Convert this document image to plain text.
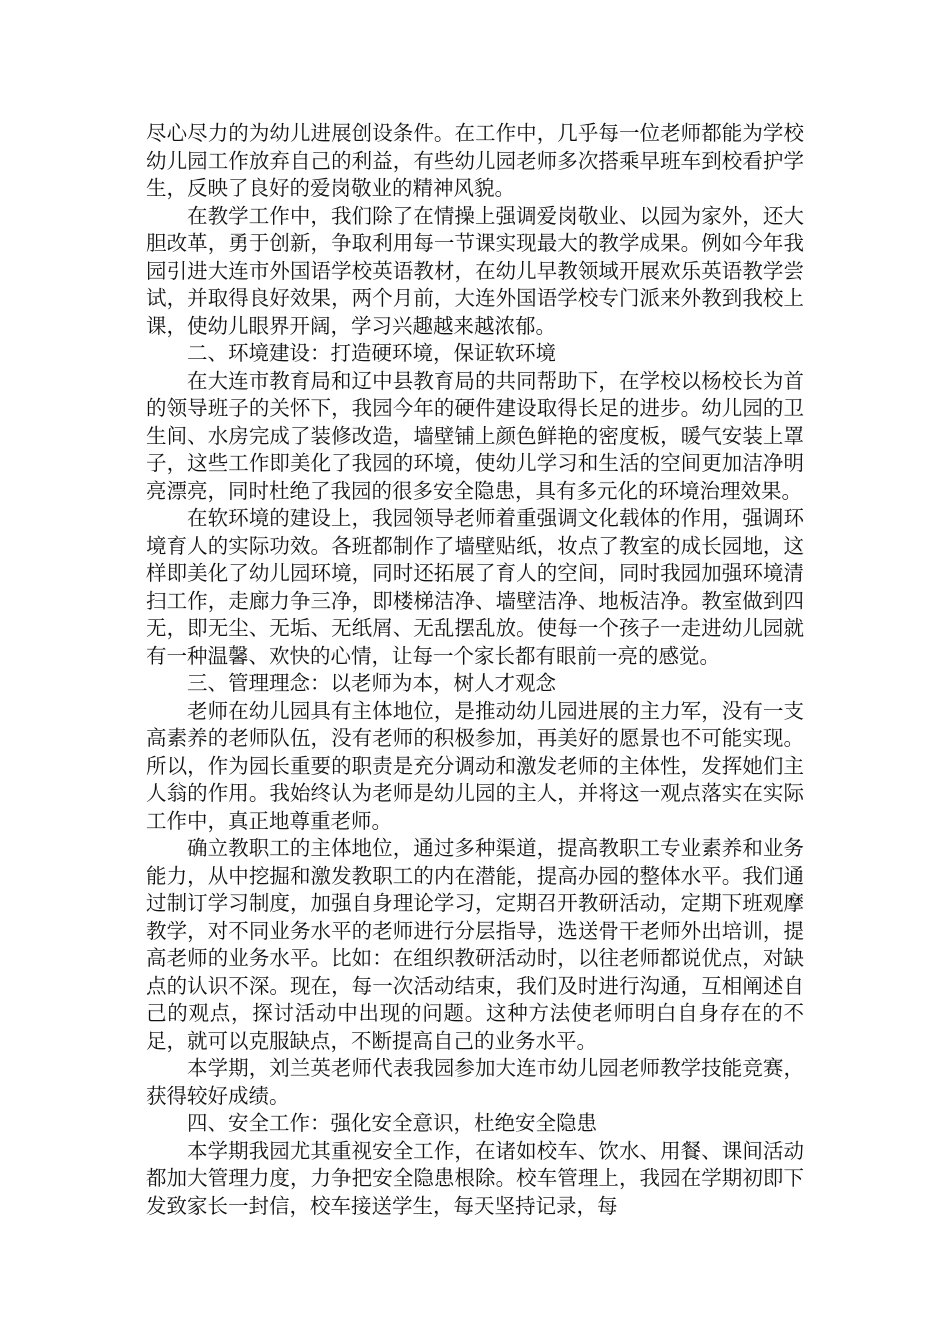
尽心尽力的为幼儿进展创设条件。在工作中，几乎每一位老师都能为学校幼儿园工作放弃自己的利益，有些幼儿园老师多次搭乘早班车到校看护学生，反映了良好的爱岗敬业的精神风貌。

在教学工作中，我们除了在情操上强调爱岗敬业、以园为家外，还大胆改革，勇于创新，争取利用每一节课实现最大的教学成果。例如今年我园引进大连市外国语学校英语教材，在幼儿早教领域开展欢乐英语教学尝试，并取得良好效果，两个月前，大连外国语学校专门派来外教到我校上课，使幼儿眼界开阔，学习兴趣越来越浓郁。

二、环境建设：打造硬环境，保证软环境

在大连市教育局和辽中县教育局的共同帮助下，在学校以杨校长为首的领导班子的关怀下，我园今年的硬件建设取得长足的进步。幼儿园的卫生间、水房完成了装修改造，墙壁铺上颜色鲜艳的密度板，暖气安装上罩子，这些工作即美化了我园的环境，使幼儿学习和生活的空间更加洁净明亮漂亮，同时杜绝了我园的很多安全隐患，具有多元化的环境治理效果。

在软环境的建设上，我园领导老师着重强调文化载体的作用，强调环境育人的实际功效。各班都制作了墙壁贴纸，妆点了教室的成长园地，这样即美化了幼儿园环境，同时还拓展了育人的空间，同时我园加强环境清扫工作，走廊力争三净，即楼梯洁净、墙壁洁净、地板洁净。教室做到四无，即无尘、无垢、无纸屑、无乱摆乱放。使每一个孩子一走进幼儿园就有一种温馨、欢快的心情，让每一个家长都有眼前一亮的感觉。

三、管理理念：以老师为本，树人才观念

老师在幼儿园具有主体地位，是推动幼儿园进展的主力军，没有一支高素养的老师队伍，没有老师的积极参加，再美好的愿景也不可能实现。所以，作为园长重要的职责是充分调动和激发老师的主体性，发挥她们主人翁的作用。我始终认为老师是幼儿园的主人，并将这一观点落实在实际工作中，真正地尊重老师。

确立教职工的主体地位，通过多种渠道，提高教职工专业素养和业务能力，从中挖掘和激发教职工的内在潜能，提高办园的整体水平。我们通过制订学习制度，加强自身理论学习，定期召开教研活动，定期下班观摩教学，对不同业务水平的老师进行分层指导，选送骨干老师外出培训，提高老师的业务水平。比如：在组织教研活动时，以往老师都说优点，对缺点的认识不深。现在，每一次活动结束，我们及时进行沟通，互相阐述自己的观点，探讨活动中出现的问题。这种方法使老师明白自身存在的不足，就可以克服缺点，不断提高自己的业务水平。

本学期，刘兰英老师代表我园参加大连市幼儿园老师教学技能竞赛，获得较好成绩。

四、安全工作：强化安全意识，杜绝安全隐患

本学期我园尤其重视安全工作，在诸如校车、饮水、用餐、课间活动都加大管理力度，力争把安全隐患根除。校车管理上，我园在学期初即下发致家长一封信，校车接送学生，每天坚持记录，每
